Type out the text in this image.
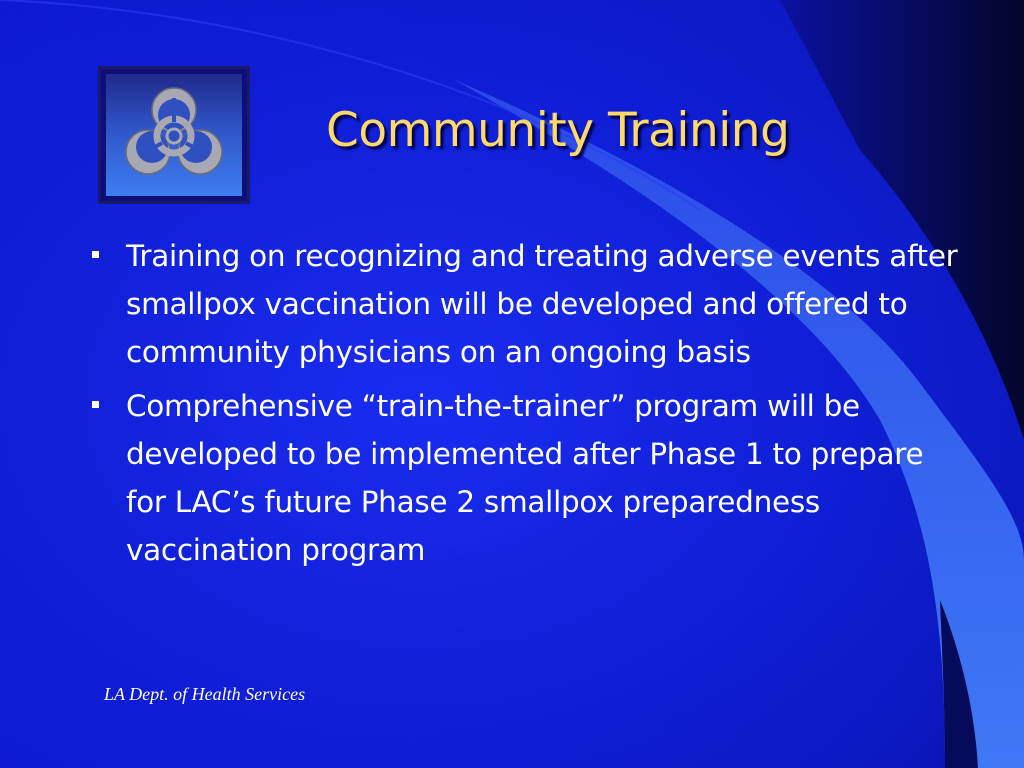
Community Training
Training on recognizing and treating adverse events after smallpox vaccination will be developed and offered to community physicians on an ongoing basis
Comprehensive “train-the-trainer” program will be developed to be implemented after Phase 1 to prepare for LAC’s future Phase 2 smallpox preparedness vaccination program
LA Dept. of Health Services
